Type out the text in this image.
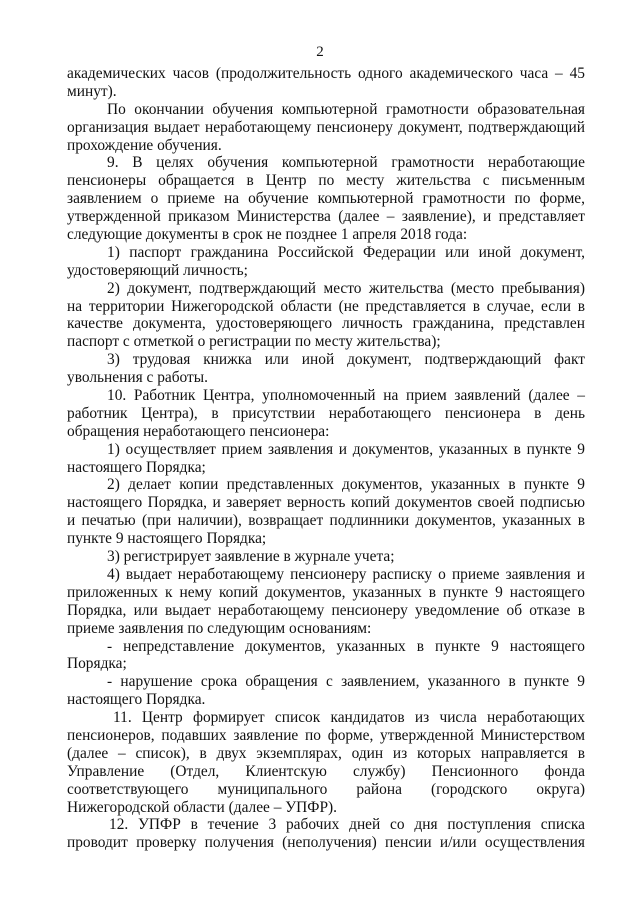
2
академических часов (продолжительность одного академического часа – 45
минут).
По окончании обучения компьютерной грамотности образовательная
организация выдает неработающему пенсионеру документ, подтверждающий
прохождение обучения.
9. В целях обучения компьютерной грамотности неработающие
пенсионеры обращается в Центр по месту жительства с письменным
заявлением о приеме на обучение компьютерной грамотности по форме,
утвержденной приказом Министерства (далее – заявление), и представляет
следующие документы в срок не позднее 1 апреля 2018 года:
1) паспорт гражданина Российской Федерации или иной документ,
удостоверяющий личность;
2) документ, подтверждающий место жительства (место пребывания)
на территории Нижегородской области (не представляется в случае, если в
качестве документа, удостоверяющего личность гражданина, представлен
паспорт с отметкой о регистрации по месту жительства);
3) трудовая книжка или иной документ, подтверждающий факт
увольнения с работы.
10. Работник Центра, уполномоченный на прием заявлений (далее –
работник Центра), в присутствии неработающего пенсионера в день
обращения неработающего пенсионера:
1) осуществляет прием заявления и документов, указанных в пункте 9
настоящего Порядка;
2) делает копии представленных документов, указанных в пункте 9
настоящего Порядка, и заверяет верность копий документов своей подписью
и печатью (при наличии), возвращает подлинники документов, указанных в
пункте 9 настоящего Порядка;
3) регистрирует заявление в журнале учета;
4) выдает неработающему пенсионеру расписку о приеме заявления и
приложенных к нему копий документов, указанных в пункте 9 настоящего
Порядка, или выдает неработающему пенсионеру уведомление об отказе в
приеме заявления по следующим основаниям:
- непредставление документов, указанных в пункте 9 настоящего
Порядка;
- нарушение срока обращения с заявлением, указанного в пункте 9
настоящего Порядка.
11. Центр формирует список кандидатов из числа неработающих
пенсионеров, подавших заявление по форме, утвержденной Министерством
(далее – список), в двух экземплярах, один из которых направляется в
Управление (Отдел, Клиентскую службу) Пенсионного фонда
соответствующего муниципального района (городского округа)
Нижегородской области (далее – УПФР).
12. УПФР в течение 3 рабочих дней со дня поступления списка
проводит проверку получения (неполучения) пенсии и/или осуществления
